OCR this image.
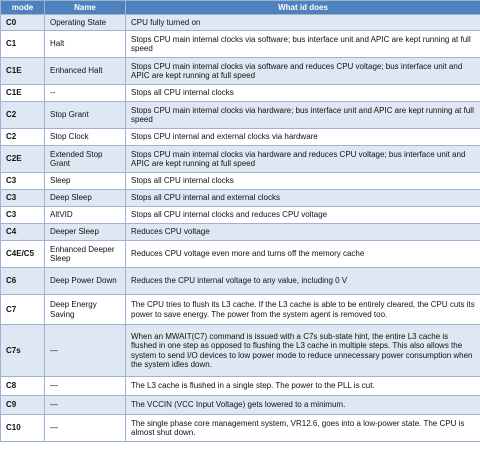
mode	Name	What id does
C0	Operating State	CPU fully turned on
C1	Halt	Stops CPU main internal clocks via software; bus interface unit and APIC are kept running at full speed
C1E	Enhanced Halt	Stops CPU main internal clocks via software and reduces CPU voltage; bus interface unit and APIC are kept running at full speed
C1E	--	Stops all CPU internal clocks
C2	Stop Grant	Stops CPU main internal clocks via hardware; bus interface unit and APIC are kept running at full speed
C2	Stop Clock	Stops CPU internal and external clocks via hardware
C2E	Extended Stop Grant	Stops CPU main internal clocks via hardware and reduces CPU voltage; bus interface unit and APIC are kept running at full speed
C3	Sleep	Stops all CPU internal clocks
C3	Deep Sleep	Stops all CPU internal and external clocks
C3	AltVID	Stops all CPU internal clocks and reduces CPU voltage
C4	Deeper Sleep	Reduces CPU voltage
C4E/C5	Enhanced Deeper Sleep	Reduces CPU voltage even more and turns off the memory cache
C6	Deep Power Down	Reduces the CPU internal voltage to any value, including 0 V
C7	Deep Energy Saving	The CPU tries to flush its L3 cache. If the L3 cache is able to be entirely cleared, the CPU cuts its power to save energy. The power from the system agent is removed too.
C7s	—	When an MWAIT(C7) command is issued with a C7s sub-state hint, the entire L3 cache is flushed in one step as opposed to flushing the L3 cache in multiple steps. This also allows the system to send I/O devices to low power mode to reduce unnecessary power consumption when the system idles down.
C8	—	The L3 cache is flushed in a single step. The power to the PLL is cut.
C9	—	The VCCIN (VCC Input Voltage) gets lowered to a minimum.
C10	—	The single phase core management system, VR12.6, goes into a low-power state. The CPU is almost shut down.
